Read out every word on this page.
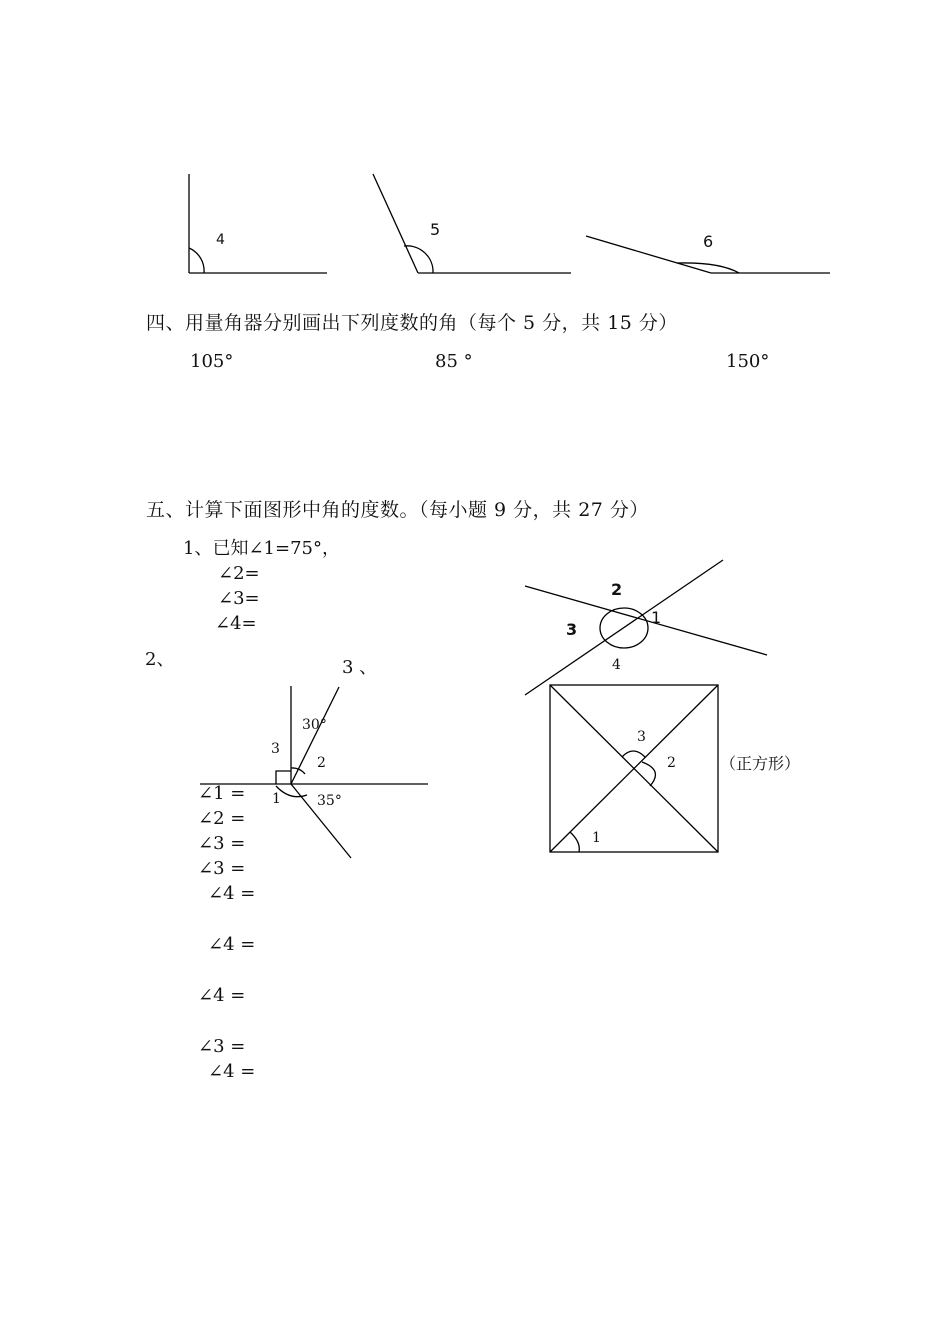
4
5
6
四、用量角器分别画出下列度数的角（每个 5 分，共 15 分）
105°	85 °	150°
五、计算下面图形中角的度数。（每小题 9 分，共 27 分）
1、已知∠1=75°，
∠2=
∠3=
∠4=
2
1
3
4
2、	3 、
30°
3
2
1	35°
3
2
1
（正方形）
∠1 =
∠2 =
∠3 =
∠3 =
∠4 =
∠4 =
∠4 =
∠3 =
∠4 =
